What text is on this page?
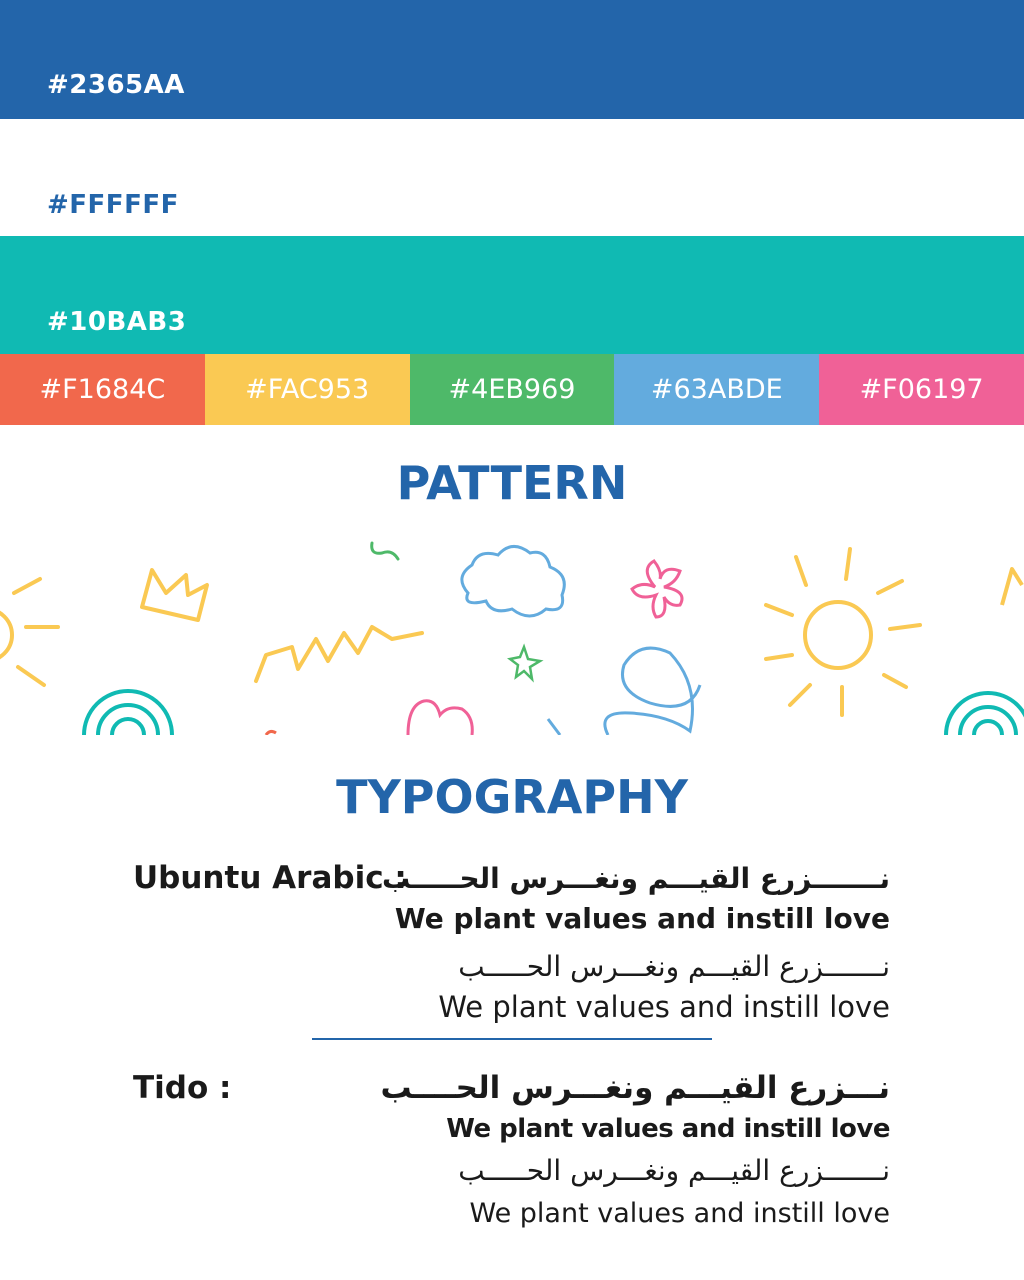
#2365AA
#FFFFFF
#10BAB3
#F1684C	#FAC953	#4EB969	#63ABDE	#F06197
PATTERN
TYPOGRAPHY
Ubuntu Arabic :
نـــــــزرع القيـــم ونغـــرس الحـــــب
We plant values and instill love
نـــــــزرع القيـــم ونغـــرس الحـــــب
We plant values and instill love
Tido :	نـــزرع القيـــم ونغـــرس الحــــب
We plant values and instill love
نـــــــزرع القيـــم ونغـــرس الحـــــب
We plant values and instill love
